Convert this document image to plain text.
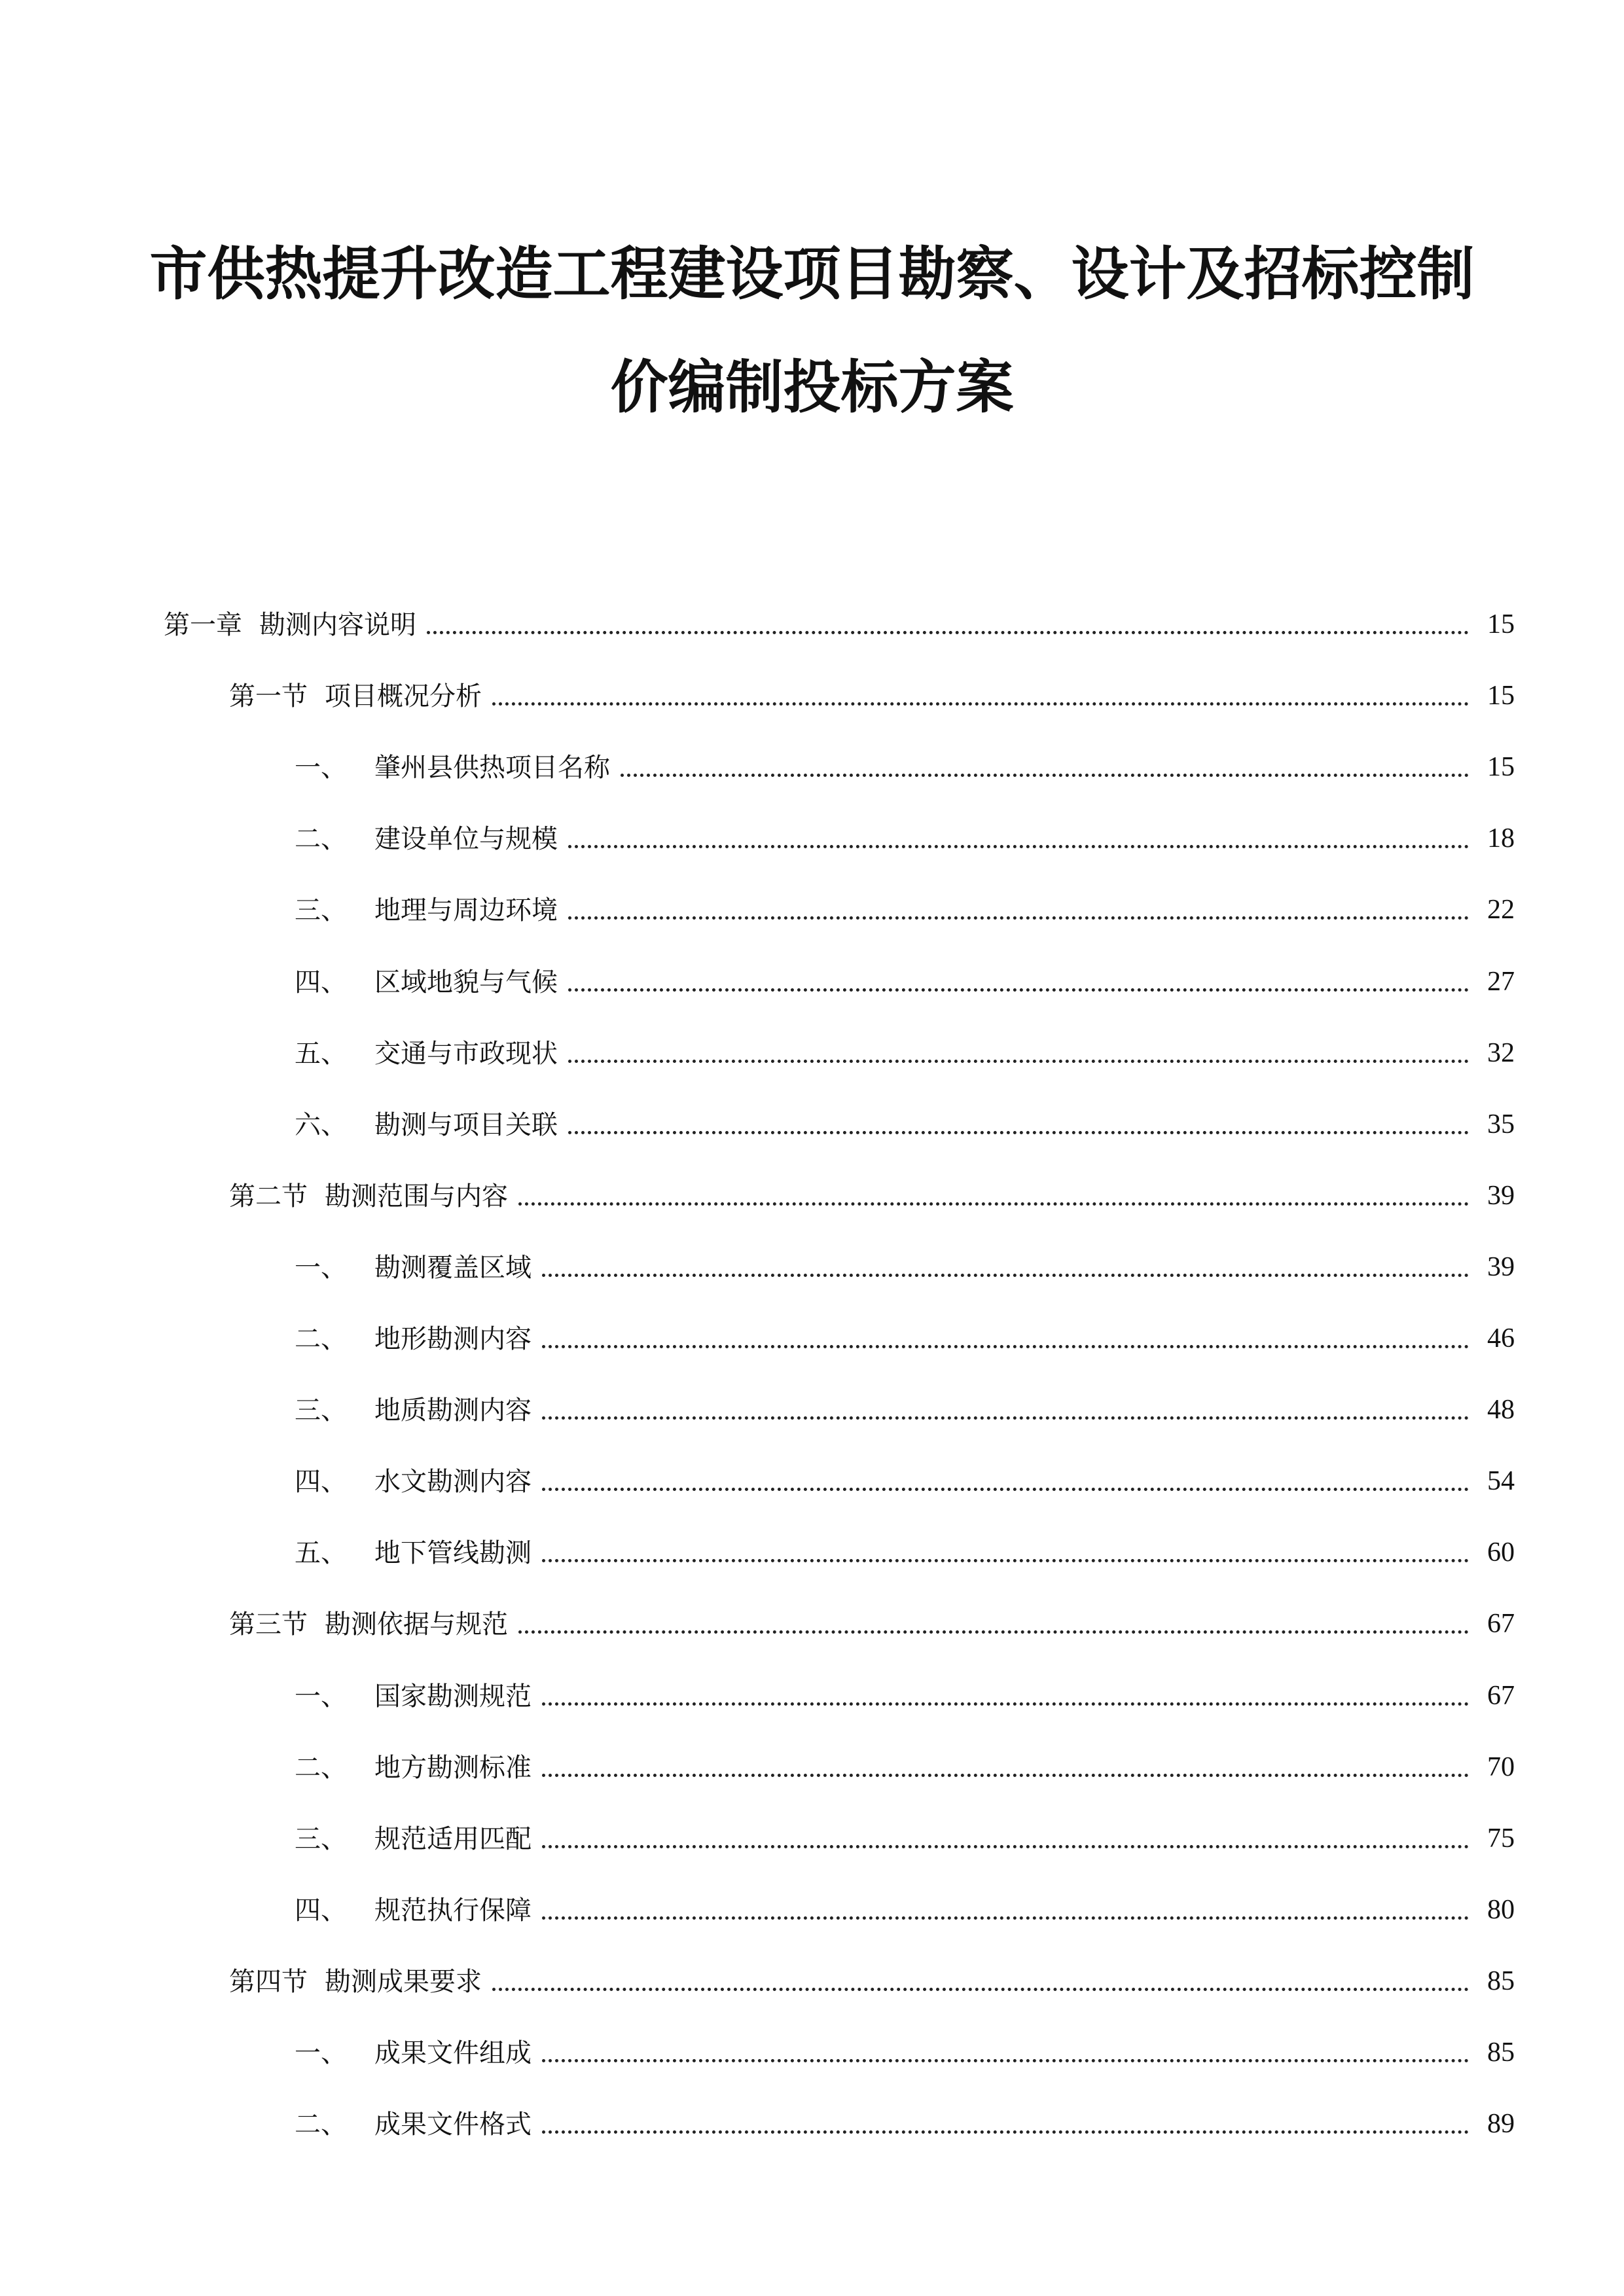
市供热提升改造工程建设项目勘察、设计及招标控制
价编制投标方案
第一章 勘测内容说明	15
第一节 项目概况分析	15
一、	肇州县供热项目名称	15
二、	建设单位与规模	18
三、	地理与周边环境	22
四、	区域地貌与气候	27
五、	交通与市政现状	32
六、	勘测与项目关联	35
第二节 勘测范围与内容	39
一、	勘测覆盖区域	39
二、	地形勘测内容	46
三、	地质勘测内容	48
四、	水文勘测内容	54
五、	地下管线勘测	60
第三节 勘测依据与规范	67
一、	国家勘测规范	67
二、	地方勘测标准	70
三、	规范适用匹配	75
四、	规范执行保障	80
第四节 勘测成果要求	85
一、	成果文件组成	85
二、	成果文件格式	89
